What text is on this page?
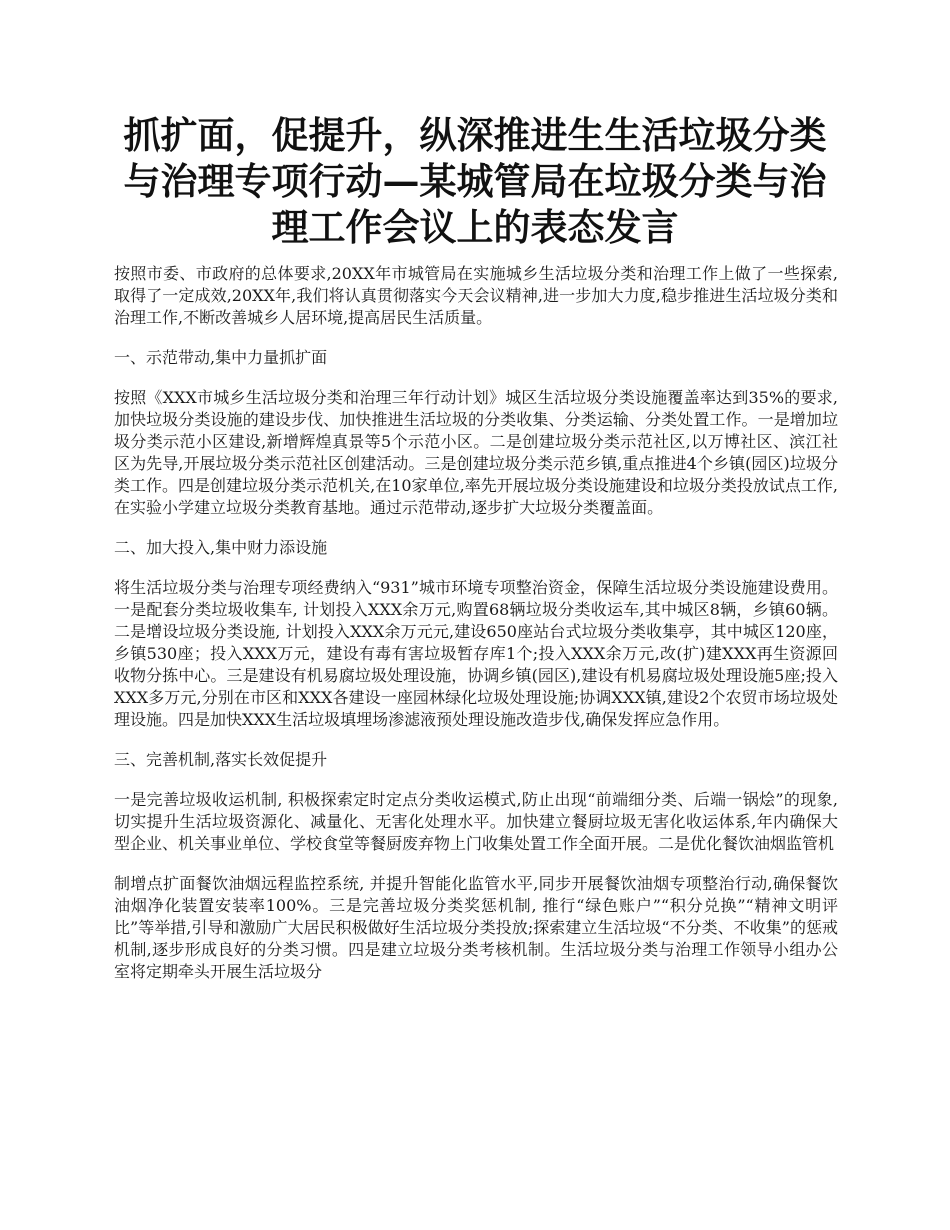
抓扩面，促提升，纵深推进生生活垃圾分类与治理专项行动—某城管局在垃圾分类与治理工作会议上的表态发言

按照市委、市政府的总体要求,20XX年市城管局在实施城乡生活垃圾分类和治理工作上做了一些探索,取得了一定成效,20XX年,我们将认真贯彻落实今天会议精神,进一步加大力度,稳步推进生活垃圾分类和治理工作,不断改善城乡人居环境,提高居民生活质量。

一、示范带动,集中力量抓扩面

按照《XXX市城乡生活垃圾分类和治理三年行动计划》城区生活垃圾分类设施覆盖率达到35%的要求,加快垃圾分类设施的建设步伐、加快推进生活垃圾的分类收集、分类运输、分类处置工作。一是增加垃圾分类示范小区建设,新增辉煌真景等5个示范小区。二是创建垃圾分类示范社区,以万博社区、滨江社区为先导,开展垃圾分类示范社区创建活动。三是创建垃圾分类示范乡镇,重点推进4个乡镇(园区)垃圾分类工作。四是创建垃圾分类示范机关,在10家单位,率先开展垃圾分类设施建设和垃圾分类投放试点工作,在实验小学建立垃圾分类教育基地。通过示范带动,逐步扩大垃圾分类覆盖面。

二、加大投入,集中财力添设施

将生活垃圾分类与治理专项经费纳入“931”城市环境专项整治资金，保障生活垃圾分类设施建设费用。一是配套分类垃圾收集车, 计划投入XXX余万元,购置68辆垃圾分类收运车,其中城区8辆，乡镇60辆。二是增设垃圾分类设施, 计划投入XXX余万元元,建设650座站台式垃圾分类收集亭，其中城区120座，乡镇530座；投入XXX万元，建设有毒有害垃圾暂存库1个;投入XXX余万元,改(扩)建XXX再生资源回收物分拣中心。三是建设有机易腐垃圾处理设施，协调乡镇(园区),建设有机易腐垃圾处理设施5座;投入XXX多万元,分别在市区和XXX各建设一座园林绿化垃圾处理设施;协调XXX镇,建设2个农贸市场垃圾处理设施。四是加快XXX生活垃圾填埋场渗滤液预处理设施改造步伐,确保发挥应急作用。

三、完善机制,落实长效促提升

一是完善垃圾收运机制, 积极探索定时定点分类收运模式,防止出现“前端细分类、后端一锅烩”的现象,切实提升生活垃圾资源化、减量化、无害化处理水平。加快建立餐厨垃圾无害化收运体系,年内确保大型企业、机关事业单位、学校食堂等餐厨废弃物上门收集处置工作全面开展。二是优化餐饮油烟监管机

制增点扩面餐饮油烟远程监控系统, 并提升智能化监管水平,同步开展餐饮油烟专项整治行动,确保餐饮油烟净化装置安装率100%。三是完善垃圾分类奖惩机制, 推行“绿色账户”“积分兑换”“精神文明评比”等举措,引导和激励广大居民积极做好生活垃圾分类投放;探索建立生活垃圾“不分类、不收集”的惩戒机制,逐步形成良好的分类习惯。四是建立垃圾分类考核机制。生活垃圾分类与治理工作领导小组办公室将定期牵头开展生活垃圾分
